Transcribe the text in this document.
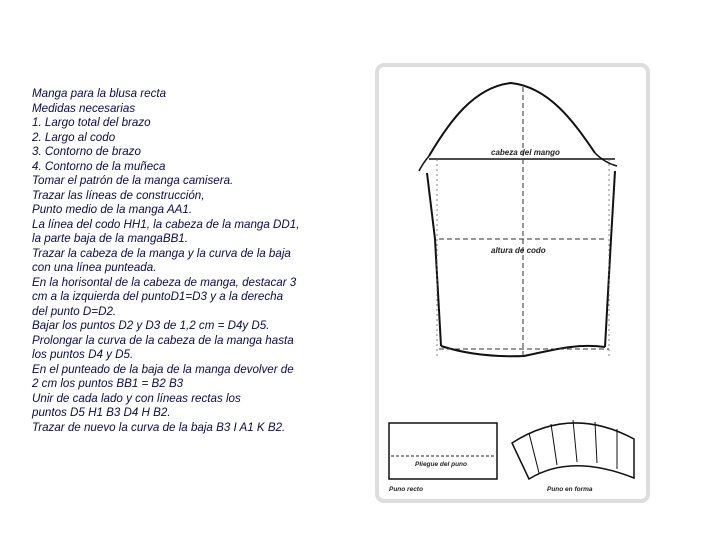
Manga para la blusa recta
Medidas necesarias
1. Largo total del brazo
2. Largo al codo
3. Contorno de brazo
4. Contorno de la muñeca
Tomar el patrón de la manga camisera.
Trazar las líneas de construcción,
Punto medio de la manga AA1.
La línea del codo HH1, la cabeza de la manga DD1,
la parte baja de la mangaBB1.
Trazar la cabeza de la manga y la curva de la baja
con una línea punteada.
En la horisontal de la cabeza de manga, destacar 3
cm a la izquierda del puntoD1=D3 y a la derecha
del punto D=D2.
Bajar los puntos D2 y D3 de 1,2 cm = D4y D5.
Prolongar la curva de la cabeza de la manga hasta
los puntos D4 y D5.
En el punteado de la baja de la manga devolver de
2 cm los puntos BB1 = B2 B3
Unir de cada lado y con líneas rectas los
puntos D5 H1 B3 D4 H B2.
Trazar de nuevo la curva de la baja B3 I A1 K B2.
cabeza del mango
altura de codo
Pliegue del puno
Puno recto	Puno en forma
